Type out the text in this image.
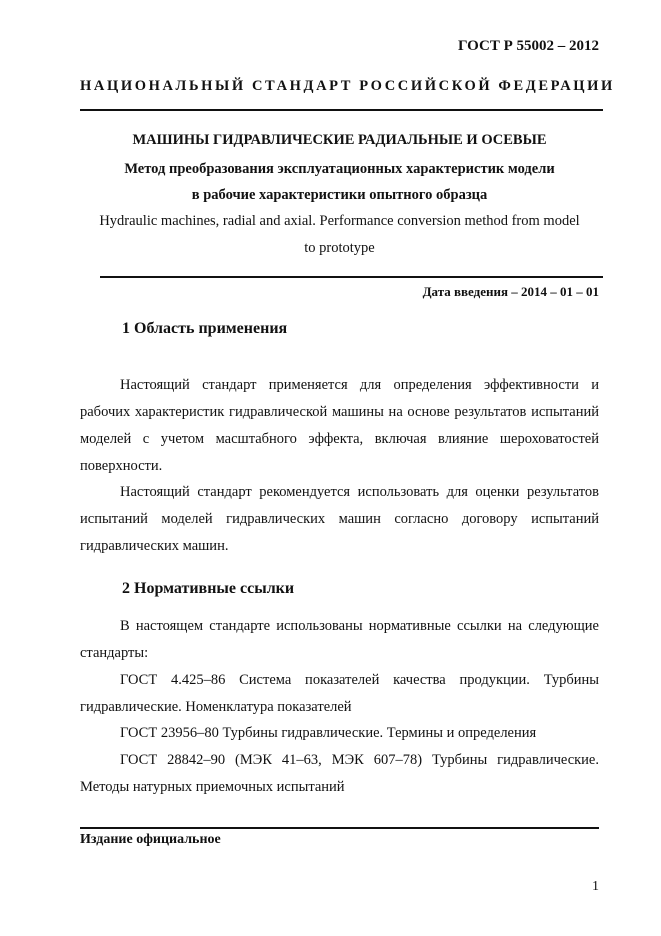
ГОСТ Р 55002 – 2012
НАЦИОНАЛЬНЫЙ СТАНДАРТ РОССИЙСКОЙ ФЕДЕРАЦИИ
МАШИНЫ ГИДРАВЛИЧЕСКИЕ РАДИАЛЬНЫЕ И ОСЕВЫЕ
Метод преобразования эксплуатационных характеристик модели
в рабочие характеристики опытного образца
Hydraulic machines, radial and axial. Performance conversion method from model
to prototype
Дата введения – 2014 – 01 – 01
1 Область применения
Настоящий стандарт применяется для определения эффективности и рабочих характеристик гидравлической машины на основе результатов испытаний моделей с учетом масштабного эффекта, включая влияние шероховатостей поверхности.
Настоящий стандарт рекомендуется использовать для оценки результатов испытаний моделей гидравлических машин согласно договору испытаний гидравлических машин.
2 Нормативные ссылки
В настоящем стандарте использованы нормативные ссылки на следующие стандарты:
ГОСТ 4.425–86 Система показателей качества продукции. Турбины гидравлические. Номенклатура показателей
ГОСТ 23956–80 Турбины гидравлические. Термины и определения
ГОСТ 28842–90 (МЭК 41–63, МЭК 607–78) Турбины гидравлические. Методы натурных приемочных испытаний
Издание официальное
1
